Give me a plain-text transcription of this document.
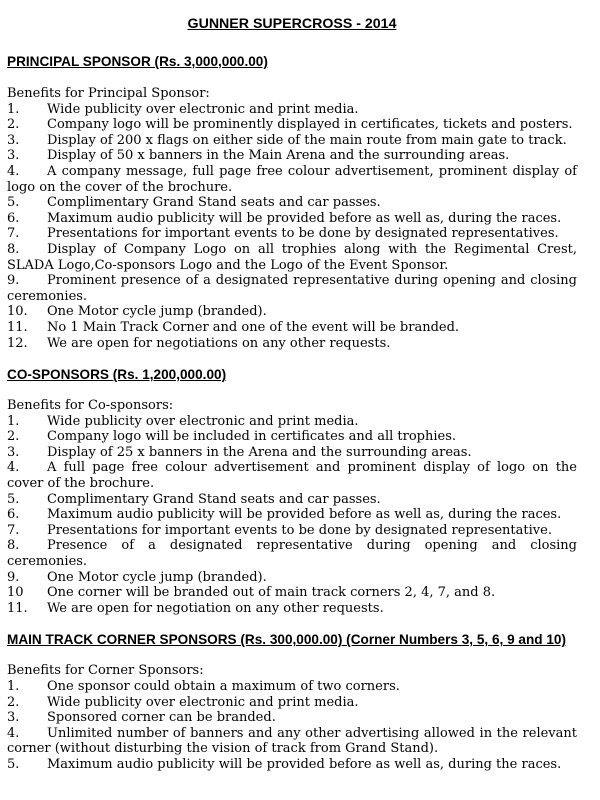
GUNNER SUPERCROSS - 2014
PRINCIPAL SPONSOR (Rs. 3,000,000.00)
Benefits for Principal Sponsor:
1. Wide publicity over electronic and print media.
2. Company logo will be prominently displayed in certificates, tickets and posters.
3. Display of 200 x flags on either side of the main route from main gate to track.
3. Display of 50 x banners in the Main Arena and the surrounding areas.
4. A company message, full page free colour advertisement, prominent display of logo on the cover of the brochure.
5. Complimentary Grand Stand seats and car passes.
6. Maximum audio publicity will be provided before as well as, during the races.
7. Presentations for important events to be done by designated representatives.
8. Display of Company Logo on all trophies along with the Regimental Crest, SLADA Logo,Co-sponsors Logo and the Logo of the Event Sponsor.
9. Prominent presence of a designated representative during opening and closing ceremonies.
10. One Motor cycle jump (branded).
11. No 1 Main Track Corner and one of the event will be branded.
12. We are open for negotiations on any other requests.
CO-SPONSORS (Rs. 1,200,000.00)
Benefits for Co-sponsors:
1. Wide publicity over electronic and print media.
2. Company logo will be included in certificates and all trophies.
3. Display of 25 x banners in the Arena and the surrounding areas.
4. A full page free colour advertisement and prominent display of logo on the cover of the brochure.
5. Complimentary Grand Stand seats and car passes.
6. Maximum audio publicity will be provided before as well as, during the races.
7. Presentations for important events to be done by designated representative.
8. Presence of a designated representative during opening and closing ceremonies.
9. One Motor cycle jump (branded).
10 One corner will be branded out of main track corners 2, 4, 7, and 8.
11. We are open for negotiation on any other requests.
MAIN TRACK CORNER SPONSORS (Rs. 300,000.00) (Corner Numbers 3, 5, 6, 9 and 10)
Benefits for Corner Sponsors:
1. One sponsor could obtain a maximum of two corners.
2. Wide publicity over electronic and print media.
3. Sponsored corner can be branded.
4. Unlimited number of banners and any other advertising allowed in the relevant corner (without disturbing the vision of track from Grand Stand).
5. Maximum audio publicity will be provided before as well as, during the races.
